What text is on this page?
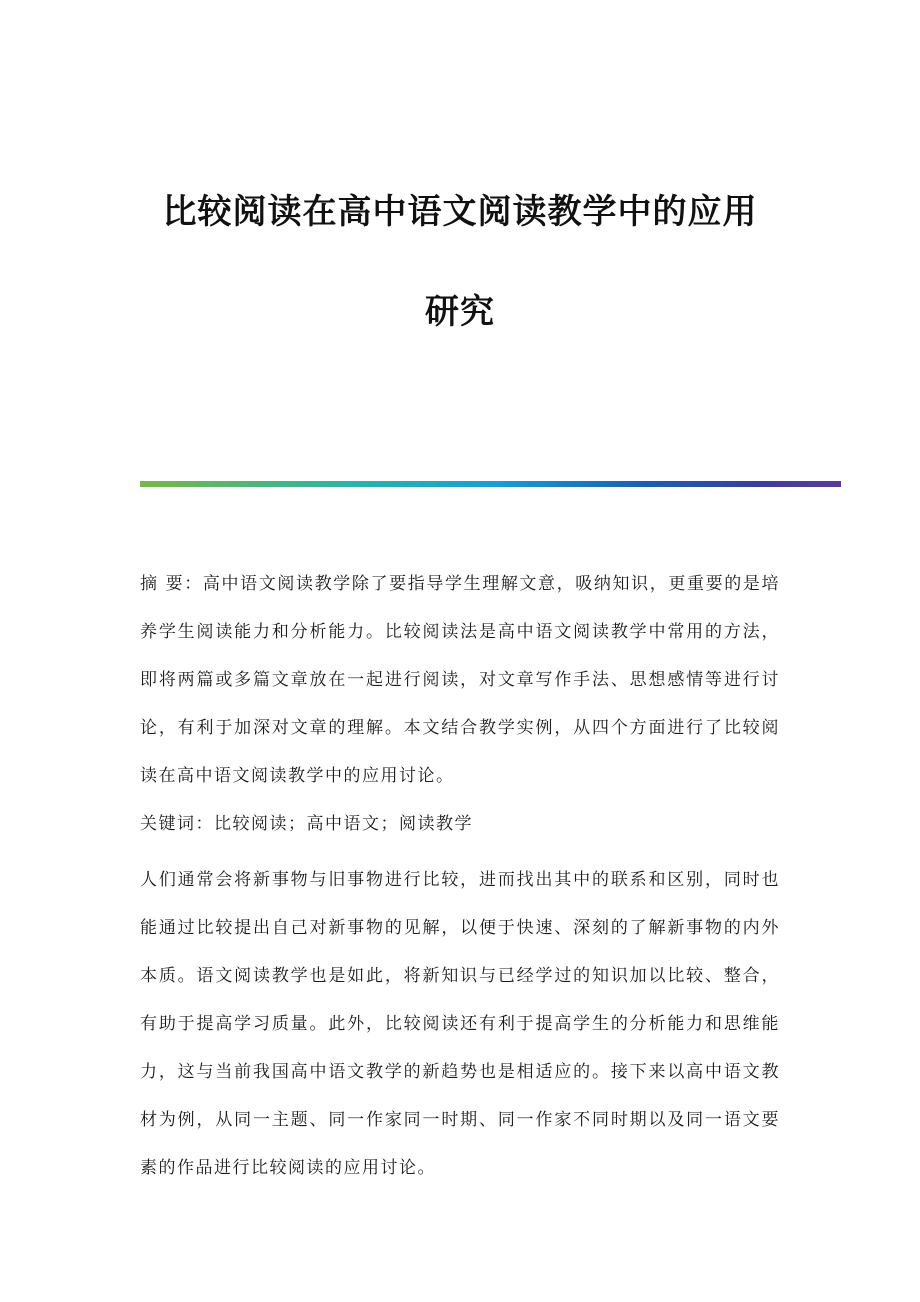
比较阅读在高中语文阅读教学中的应用
研究

摘 要：高中语文阅读教学除了要指导学生理解文意，吸纳知识，更重要的是培养学生阅读能力和分析能力。比较阅读法是高中语文阅读教学中常用的方法，即将两篇或多篇文章放在一起进行阅读，对文章写作手法、思想感情等进行讨论，有利于加深对文章的理解。本文结合教学实例，从四个方面进行了比较阅读在高中语文阅读教学中的应用讨论。

关键词：比较阅读；高中语文；阅读教学

人们通常会将新事物与旧事物进行比较，进而找出其中的联系和区别，同时也能通过比较提出自己对新事物的见解，以便于快速、深刻的了解新事物的内外本质。语文阅读教学也是如此，将新知识与已经学过的知识加以比较、整合，有助于提高学习质量。此外，比较阅读还有利于提高学生的分析能力和思维能力，这与当前我国高中语文教学的新趋势也是相适应的。接下来以高中语文教材为例，从同一主题、同一作家同一时期、同一作家不同时期以及同一语文要素的作品进行比较阅读的应用讨论。
